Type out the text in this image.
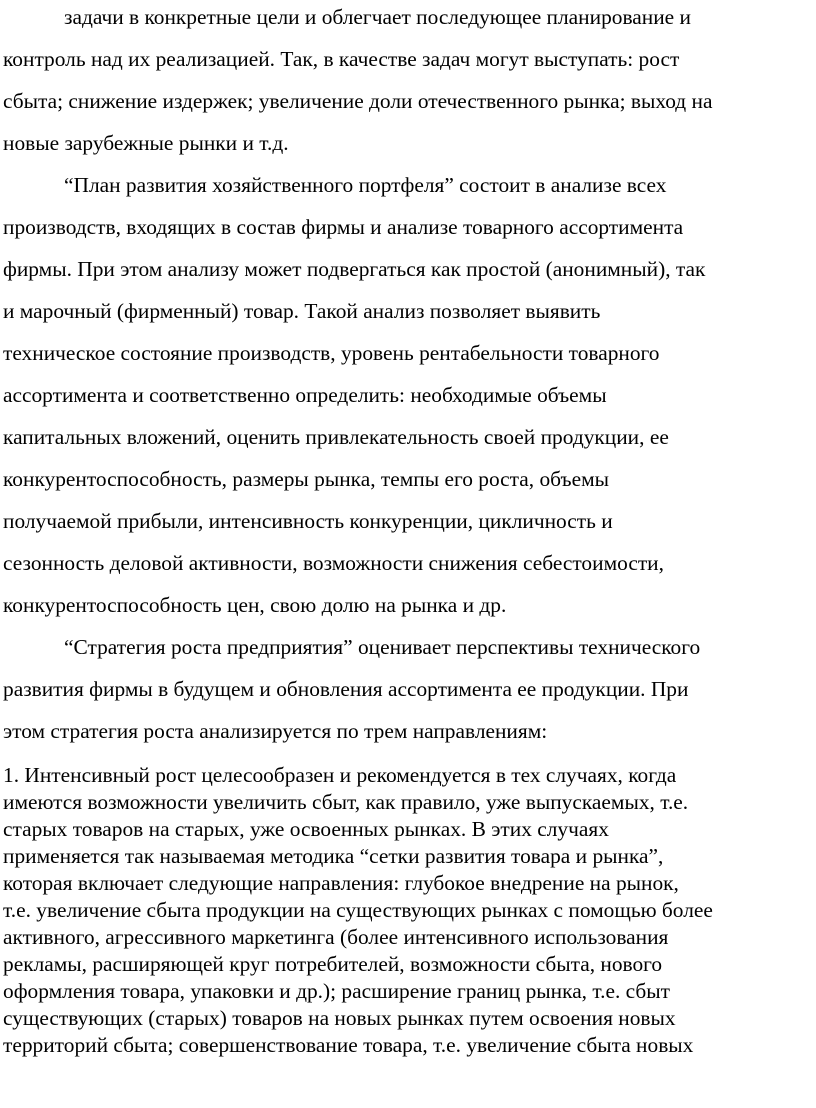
задачи в конкретные цели и облегчает последующее планирование и
контроль над их реализацией. Так, в качестве задач могут выступать: рост
сбыта; снижение издержек; увеличение доли отечественного рынка; выход на
новые зарубежные рынки и т.д.
“План развития хозяйственного портфеля” состоит в анализе всех
производств, входящих в состав фирмы и анализе товарного ассортимента
фирмы. При этом анализу может подвергаться как простой (анонимный), так
и марочный (фирменный) товар. Такой анализ позволяет выявить
техническое состояние производств, уровень рентабельности товарного
ассортимента и соответственно определить: необходимые объемы
капитальных вложений, оценить привлекательность своей продукции, ее
конкурентоспособность, размеры рынка, темпы его роста, объемы
получаемой прибыли, интенсивность конкуренции, цикличность и
сезонность деловой активности, возможности снижения себестоимости,
конкурентоспособность цен, свою долю на рынка и др.
“Стратегия роста предприятия” оценивает перспективы технического
развития фирмы в будущем и обновления ассортимента ее продукции. При
этом стратегия роста анализируется по трем направлениям:
1. Интенсивный рост целесообразен и рекомендуется в тех случаях, когда
имеются возможности увеличить сбыт, как правило, уже выпускаемых, т.е.
старых товаров на старых, уже освоенных рынках. В этих случаях
применяется так называемая методика “сетки развития товара и рынка”,
которая включает следующие направления: глубокое внедрение на рынок,
т.е. увеличение сбыта продукции на существующих рынках с помощью более
активного, агрессивного маркетинга (более интенсивного использования
рекламы, расширяющей круг потребителей, возможности сбыта, нового
оформления товара, упаковки и др.); расширение границ рынка, т.е. сбыт
существующих (старых) товаров на новых рынках путем освоения новых
территорий сбыта; совершенствование товара, т.е. увеличение сбыта новых
